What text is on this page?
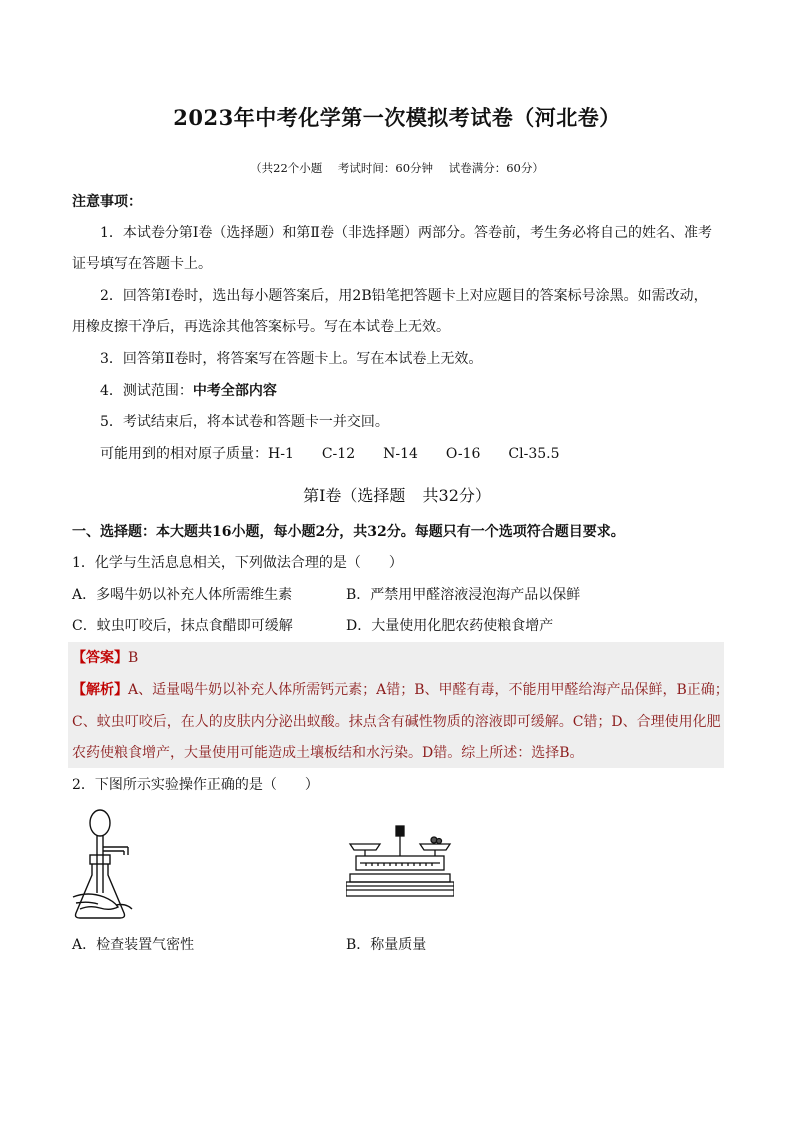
2023年中考化学第一次模拟考试卷（河北卷）
（共22个小题 考试时间：60分钟 试卷满分：60分）
注意事项：
1．本试卷分第Ⅰ卷（选择题）和第Ⅱ卷（非选择题）两部分。答卷前，考生务必将自己的姓名、准考
证号填写在答题卡上。
2．回答第Ⅰ卷时，选出每小题答案后，用2B铅笔把答题卡上对应题目的答案标号涂黑。如需改动，
用橡皮擦干净后，再选涂其他答案标号。写在本试卷上无效。
3．回答第Ⅱ卷时，将答案写在答题卡上。写在本试卷上无效。
4．测试范围：中考全部内容
5．考试结束后，将本试卷和答题卡一并交回。
可能用到的相对原子质量：H-1　　C-12　　N-14　　O-16　　Cl-35.5
第Ⅰ卷（选择题 共32分）
一、选择题：本大题共16小题，每小题2分，共32分。每题只有一个选项符合题目要求。
1．化学与生活息息相关，下列做法合理的是（　　）
A．多喝牛奶以补充人体所需维生素	B．严禁用甲醛溶液浸泡海产品以保鲜
C．蚊虫叮咬后，抹点食醋即可缓解	D．大量使用化肥农药使粮食增产
【答案】B
【解析】A、适量喝牛奶以补充人体所需钙元素；A错；B、甲醛有毒，不能用甲醛给海产品保鲜，B正确；
C、蚊虫叮咬后，在人的皮肤内分泌出蚁酸。抹点含有碱性物质的溶液即可缓解。C错；D、合理使用化肥
农药使粮食增产，大量使用可能造成土壤板结和水污染。D错。综上所述：选择B。
2．下图所示实验操作正确的是（　　）
A．检查装置气密性	B．称量质量
